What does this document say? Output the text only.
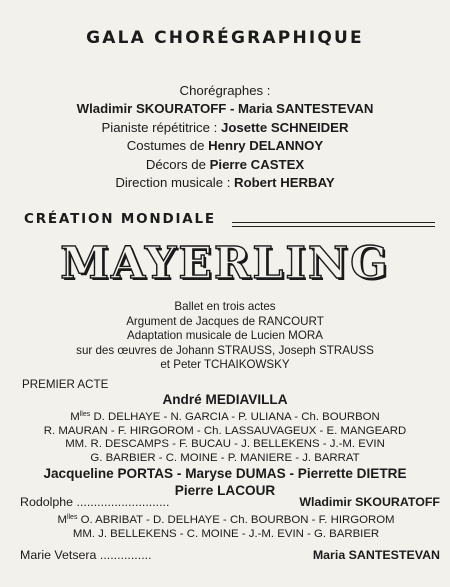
GALA CHORÉGRAPHIQUE
Chorégraphes :
Wladimir SKOURATOFF - Maria SANTESTEVAN
Pianiste répétitrice : Josette SCHNEIDER
Costumes de Henry DELANNOY
Décors de Pierre CASTEX
Direction musicale : Robert HERBAY
CRÉATION MONDIALE
MAYERLING
Ballet en trois actes
Argument de Jacques de RANCOURT
Adaptation musicale de Lucien MORA
sur des œuvres de Johann STRAUSS, Joseph STRAUSS
et Peter TCHAIKOWSKY
PREMIER ACTE
André MEDIAVILLA
$M^{lles}$ D. DELHAYE - N. GARCIA - P. ULIANA - Ch. BOURBON
R. MAURAN - F. HIRGOROM - Ch. LASSAUVAGEUX - E. MANGEARD
MM. R. DESCAMPS - F. BUCAU - J. BELLEKENS - J.-M. EVIN
G. BARBIER - C. MOINE - P. MANIERE - J. BARRAT
Jacqueline PORTAS - Maryse DUMAS - Pierrette DIETRE
Pierre LACOUR
Rodolphe ...........................	Wladimir SKOURATOFF
$M^{lles}$ O. ABRIBAT - D. DELHAYE - Ch. BOURBON - F. HIRGOROM
MM. J. BELLEKENS - C. MOINE - J.-M. EVIN - G. BARBIER
Marie Vetsera ...............	Maria SANTESTEVAN
